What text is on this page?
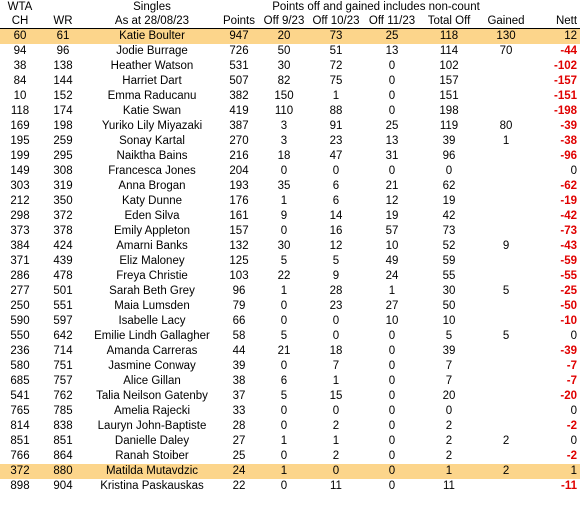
WTA		Singles	Points off and gained includes non-count						
CH	WR	As at 28/08/23	Points	Off 9/23	Off 10/23	Off 11/23	Total Off	Gained	Nett
60	61	Katie Boulter	947	20	73	25	118	130	12
94	96	Jodie Burrage	726	50	51	13	114	70	-44
38	138	Heather Watson	531	30	72	0	102		-102
84	144	Harriet Dart	507	82	75	0	157		-157
10	152	Emma Raducanu	382	150	1	0	151		-151
118	174	Katie Swan	419	110	88	0	198		-198
169	198	Yuriko Lily Miyazaki	387	3	91	25	119	80	-39
195	259	Sonay Kartal	270	3	23	13	39	1	-38
199	295	Naiktha Bains	216	18	47	31	96		-96
149	308	Francesca Jones	204	0	0	0	0		0
303	319	Anna Brogan	193	35	6	21	62		-62
212	350	Katy Dunne	176	1	6	12	19		-19
298	372	Eden Silva	161	9	14	19	42		-42
373	378	Emily Appleton	157	0	16	57	73		-73
384	424	Amarni Banks	132	30	12	10	52	9	-43
371	439	Eliz Maloney	125	5	5	49	59		-59
286	478	Freya Christie	103	22	9	24	55		-55
277	501	Sarah Beth Grey	96	1	28	1	30	5	-25
250	551	Maia Lumsden	79	0	23	27	50		-50
590	597	Isabelle Lacy	66	0	0	10	10		-10
550	642	Emilie Lindh Gallagher	58	5	0	0	5	5	0
236	714	Amanda Carreras	44	21	18	0	39		-39
580	751	Jasmine Conway	39	0	7	0	7		-7
685	757	Alice Gillan	38	6	1	0	7		-7
541	762	Talia Neilson Gatenby	37	5	15	0	20		-20
765	785	Amelia Rajecki	33	0	0	0	0		0
814	838	Lauryn John-Baptiste	28	0	2	0	2		-2
851	851	Danielle Daley	27	1	1	0	2	2	0
766	864	Ranah Stoiber	25	0	2	0	2		-2
372	880	Matilda Mutavdzic	24	1	0	0	1	2	1
898	904	Kristina Paskauskas	22	0	11	0	11		-11
